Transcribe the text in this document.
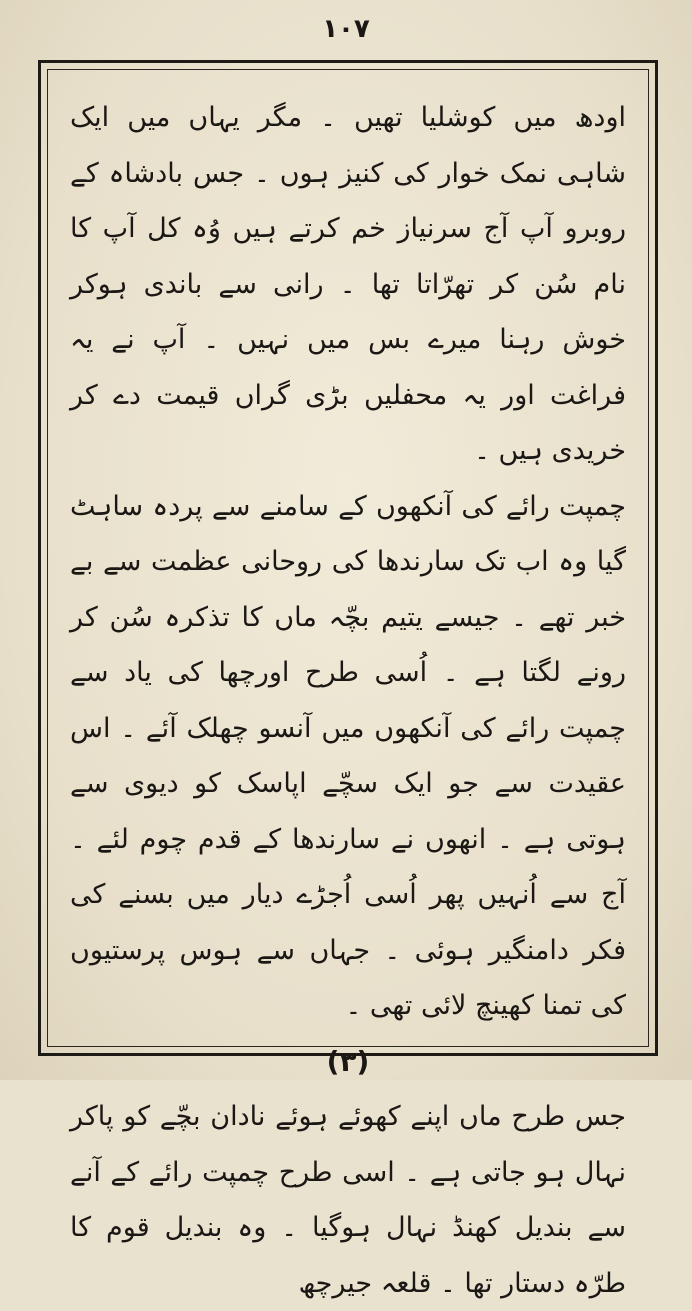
۱۰۷

اودھ میں کوشلیا تھیں ۔ مگر یہاں میں ایک شاہی نمک خوار کی کنیز ہوں ۔ جس بادشاہ کے روبرو آپ آج سرنیاز خم کرتے ہیں وُہ کل آپ کا نام سُن کر تھرّاتا تھا ۔ رانی سے باندی ہوکر خوش رہنا میرے بس میں نہیں ۔ آپ نے یہ فراغت اور یہ محفلیں بڑی گراں قیمت دے کر خریدی ہیں ۔

چمپت رائے کی آنکھوں کے سامنے سے پردہ ساہٹ گیا وہ اب تک سارندھا کی روحانی عظمت سے بے خبر تھے ۔ جیسے یتیم بچّہ ماں کا تذکرہ سُن کر رونے لگتا ہے ۔ اُسی طرح اورچھا کی یاد سے چمپت رائے کی آنکھوں میں آنسو چھلک آئے ۔ اس عقیدت سے جو ایک سچّے اپاسک کو دیوی سے ہوتی ہے ۔ انھوں نے سارندھا کے قدم چوم لئے ۔ آج سے اُنہیں پھر اُسی اُجڑے دیار میں بسنے کی فکر دامنگیر ہوئی ۔ جہاں سے ہوس پرستیوں کی تمنا کھینچ لائی تھی ۔

(۳)

جس طرح ماں اپنے کھوئے ہوئے نادان بچّے کو پاکر نہال ہو جاتی ہے ۔ اسی طرح چمپت رائے کے آنے سے بندیل کھنڈ نہال ہوگیا ۔ وہ بندیل قوم کا طرّہ دستار تھا ۔ قلعہ جیرچھ
